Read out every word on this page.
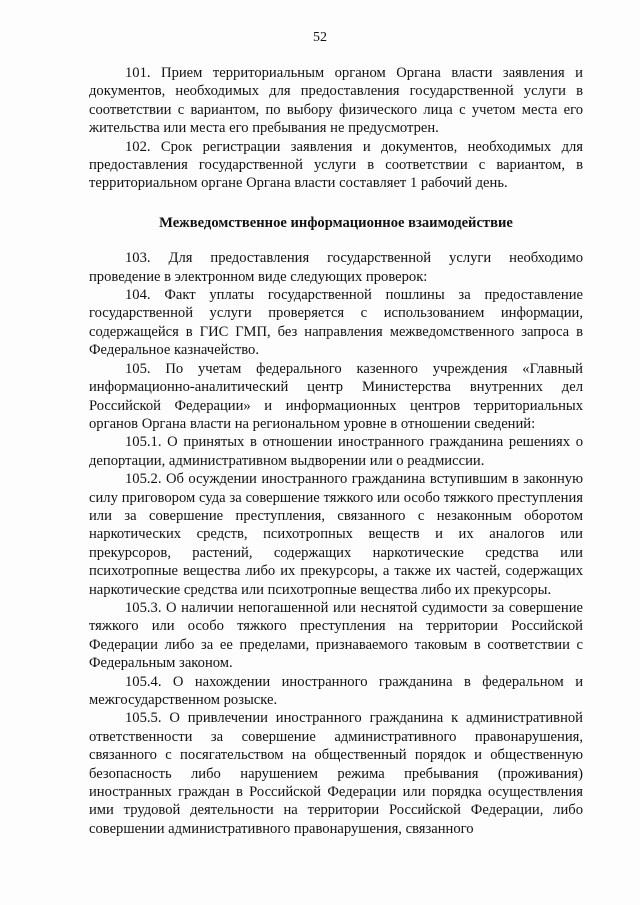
52

101. Прием территориальным органом Органа власти заявления и документов, необходимых для предоставления государственной услуги в соответствии с вариантом, по выбору физического лица с учетом места его жительства или места его пребывания не предусмотрен.

102. Срок регистрации заявления и документов, необходимых для предоставления государственной услуги в соответствии с вариантом, в территориальном органе Органа власти составляет 1 рабочий день.

Межведомственное информационное взаимодействие

103. Для предоставления государственной услуги необходимо проведение в электронном виде следующих проверок:

104. Факт уплаты государственной пошлины за предоставление государственной услуги проверяется с использованием информации, содержащейся в ГИС ГМП, без направления межведомственного запроса в Федеральное казначейство.

105. По учетам федерального казенного учреждения «Главный информационно-аналитический центр Министерства внутренних дел Российской Федерации» и информационных центров территориальных органов Органа власти на региональном уровне в отношении сведений:

105.1. О принятых в отношении иностранного гражданина решениях о депортации, административном выдворении или о реадмиссии.

105.2. Об осуждении иностранного гражданина вступившим в законную силу приговором суда за совершение тяжкого или особо тяжкого преступления или за совершение преступления, связанного с незаконным оборотом наркотических средств, психотропных веществ и их аналогов или прекурсоров, растений, содержащих наркотические средства или психотропные вещества либо их прекурсоры, а также их частей, содержащих наркотические средства или психотропные вещества либо их прекурсоры.

105.3. О наличии непогашенной или неснятой судимости за совершение тяжкого или особо тяжкого преступления на территории Российской Федерации либо за ее пределами, признаваемого таковым в соответствии с Федеральным законом.

105.4. О нахождении иностранного гражданина в федеральном и межгосударственном розыске.

105.5. О привлечении иностранного гражданина к административной ответственности за совершение административного правонарушения, связанного с посягательством на общественный порядок и общественную безопасность либо нарушением режима пребывания (проживания) иностранных граждан в Российской Федерации или порядка осуществления ими трудовой деятельности на территории Российской Федерации, либо совершении административного правонарушения, связанного
